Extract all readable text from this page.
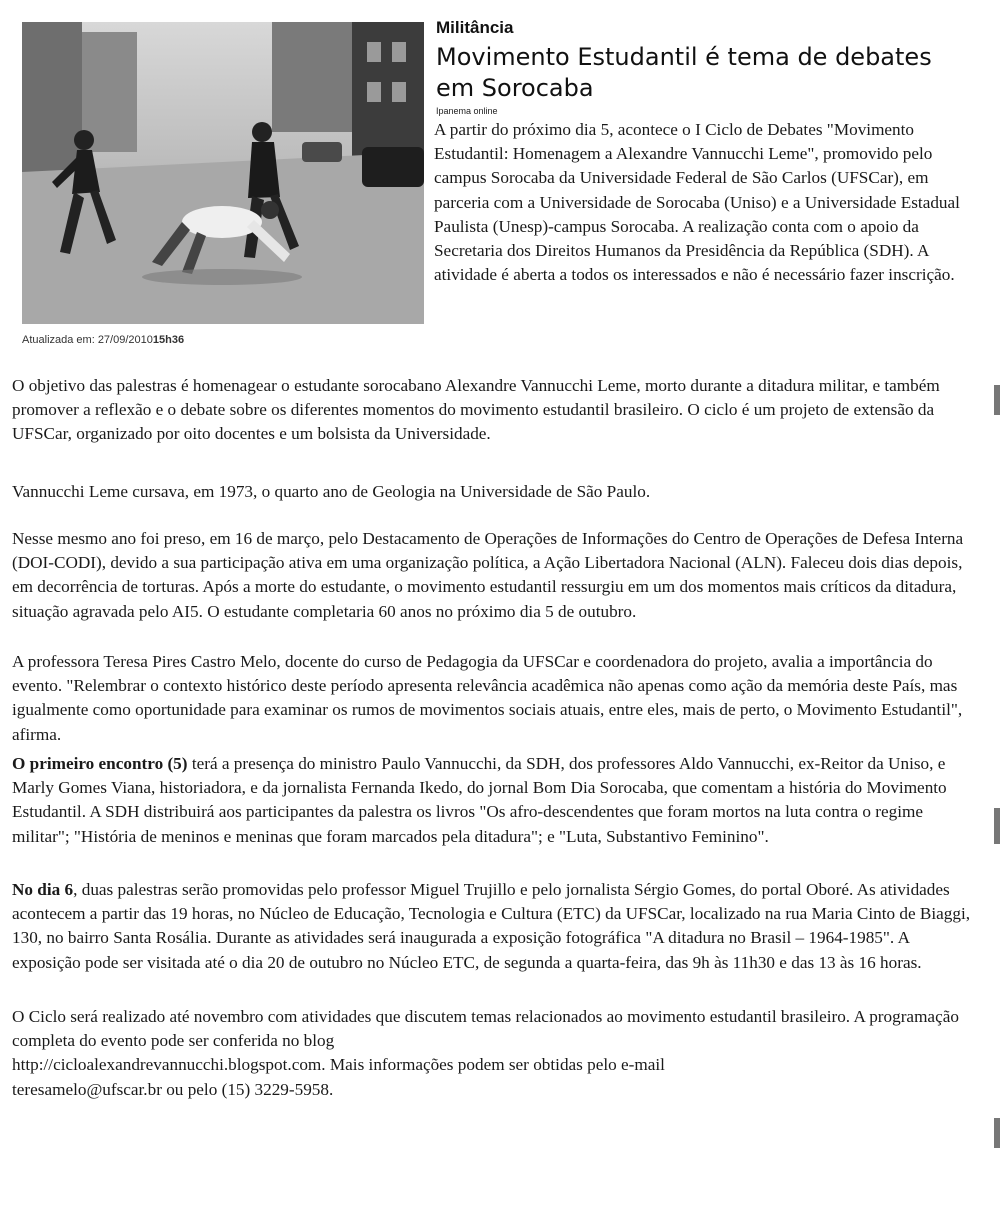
Atualizada em: 27/09/201015h36
Militância
Movimento Estudantil é tema de debates em Sorocaba
Ipanema online

A partir do próximo dia 5, acontece o I Ciclo de Debates "Movimento Estudantil: Homenagem a Alexandre Vannucchi Leme", promovido pelo campus Sorocaba da Universidade Federal de São Carlos (UFSCar), em parceria com a Universidade de Sorocaba (Uniso) e a Universidade Estadual Paulista (Unesp)-campus Sorocaba. A realização conta com o apoio da Secretaria dos Direitos Humanos da Presidência da República (SDH). A atividade é aberta a todos os interessados e não é necessário fazer inscrição.

O objetivo das palestras é homenagear o estudante sorocabano Alexandre Vannucchi Leme, morto durante a ditadura militar, e também promover a reflexão e o debate sobre os diferentes momentos do movimento estudantil brasileiro. O ciclo é um projeto de extensão da UFSCar, organizado por oito docentes e um bolsista da Universidade.

Vannucchi Leme cursava, em 1973, o quarto ano de Geologia na Universidade de São Paulo.

Nesse mesmo ano foi preso, em 16 de março, pelo Destacamento de Operações de Informações do Centro de Operações de Defesa Interna (DOI-CODI), devido a sua participação ativa em uma organização política, a Ação Libertadora Nacional (ALN). Faleceu dois dias depois, em decorrência de torturas. Após a morte do estudante, o movimento estudantil ressurgiu em um dos momentos mais críticos da ditadura, situação agravada pelo AI5. O estudante completaria 60 anos no próximo dia 5 de outubro.

A professora Teresa Pires Castro Melo, docente do curso de Pedagogia da UFSCar e coordenadora do projeto, avalia a importância do evento. "Relembrar o contexto histórico deste período apresenta relevância acadêmica não apenas como ação da memória deste País, mas igualmente como oportunidade para examinar os rumos de movimentos sociais atuais, entre eles, mais de perto, o Movimento Estudantil", afirma.

O primeiro encontro (5) terá a presença do ministro Paulo Vannucchi, da SDH, dos professores Aldo Vannucchi, ex-Reitor da Uniso, e Marly Gomes Viana, historiadora, e da jornalista Fernanda Ikedo, do jornal Bom Dia Sorocaba, que comentam a história do Movimento Estudantil. A SDH distribuirá aos participantes da palestra os livros "Os afro-descendentes que foram mortos na luta contra o regime militar"; "História de meninos e meninas que foram marcados pela ditadura"; e "Luta, Substantivo Feminino".

No dia 6, duas palestras serão promovidas pelo professor Miguel Trujillo e pelo jornalista Sérgio Gomes, do portal Oboré. As atividades acontecem a partir das 19 horas, no Núcleo de Educação, Tecnologia e Cultura (ETC) da UFSCar, localizado na rua Maria Cinto de Biaggi, 130, no bairro Santa Rosália. Durante as atividades será inaugurada a exposição fotográfica "A ditadura no Brasil – 1964-1985". A exposição pode ser visitada até o dia 20 de outubro no Núcleo ETC, de segunda a quarta-feira, das 9h às 11h30 e das 13 às 16 horas.

O Ciclo será realizado até novembro com atividades que discutem temas relacionados ao movimento estudantil brasileiro. A programação completa do evento pode ser conferida no blog
http://cicloalexandrevannucchi.blogspot.com. Mais informações podem ser obtidas pelo e-mail
teresamelo@ufscar.br ou pelo (15) 3229-5958.
